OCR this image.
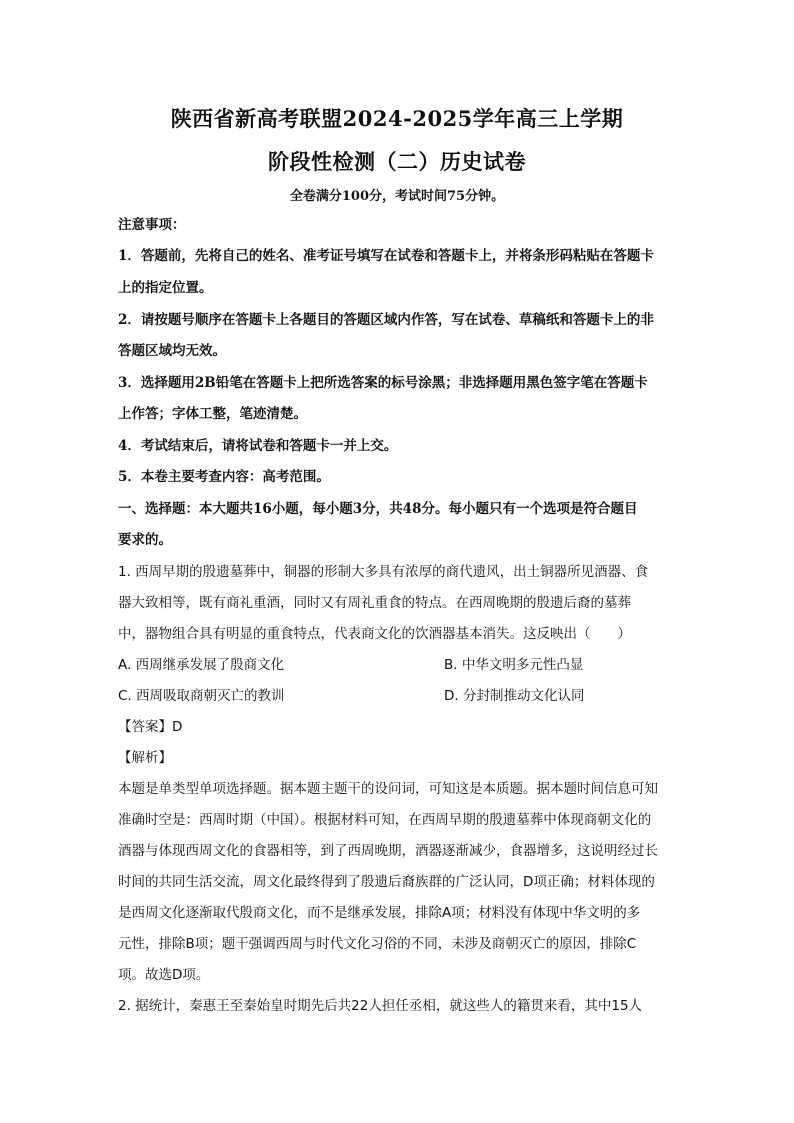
陕西省新高考联盟2024-2025学年高三上学期
阶段性检测（二）历史试卷
全卷满分100分，考试时间75分钟。
注意事项：
1．答题前，先将自己的姓名、准考证号填写在试卷和答题卡上，并将条形码粘贴在答题卡
上的指定位置。
2．请按题号顺序在答题卡上各题目的答题区域内作答，写在试卷、草稿纸和答题卡上的非
答题区域均无效。
3．选择题用2B铅笔在答题卡上把所选答案的标号涂黑；非选择题用黑色签字笔在答题卡
上作答；字体工整，笔迹清楚。
4．考试结束后，请将试卷和答题卡一并上交。
5．本卷主要考查内容：高考范围。
一、选择题：本大题共16小题，每小题3分，共48分。每小题只有一个选项是符合题目
要求的。
1. 西周早期的殷遗墓葬中，铜器的形制大多具有浓厚的商代遗风，出土铜器所见酒器、食
器大致相等，既有商礼重酒，同时又有周礼重食的特点。在西周晚期的殷遗后裔的墓葬
中，器物组合具有明显的重食特点，代表商文化的饮酒器基本消失。这反映出（　　）
A. 西周继承发展了殷商文化	B. 中华文明多元性凸显
C. 西周吸取商朝灭亡的教训	D. 分封制推动文化认同
【答案】D
【解析】
本题是单类型单项选择题。据本题主题干的设问词，可知这是本质题。据本题时间信息可知
准确时空是：西周时期（中国）。根据材料可知，在西周早期的殷遗墓葬中体现商朝文化的
酒器与体现西周文化的食器相等，到了西周晚期，酒器逐渐减少，食器增多，这说明经过长
时间的共同生活交流，周文化最终得到了殷遗后裔族群的广泛认同，D项正确；材料体现的
是西周文化逐渐取代殷商文化，而不是继承发展，排除A项；材料没有体现中华文明的多
元性，排除B项；题干强调西周与时代文化习俗的不同，未涉及商朝灭亡的原因，排除C
项。故选D项。
2. 据统计，秦惠王至秦始皇时期先后共22人担任丞相，就这些人的籍贯来看，其中15人
